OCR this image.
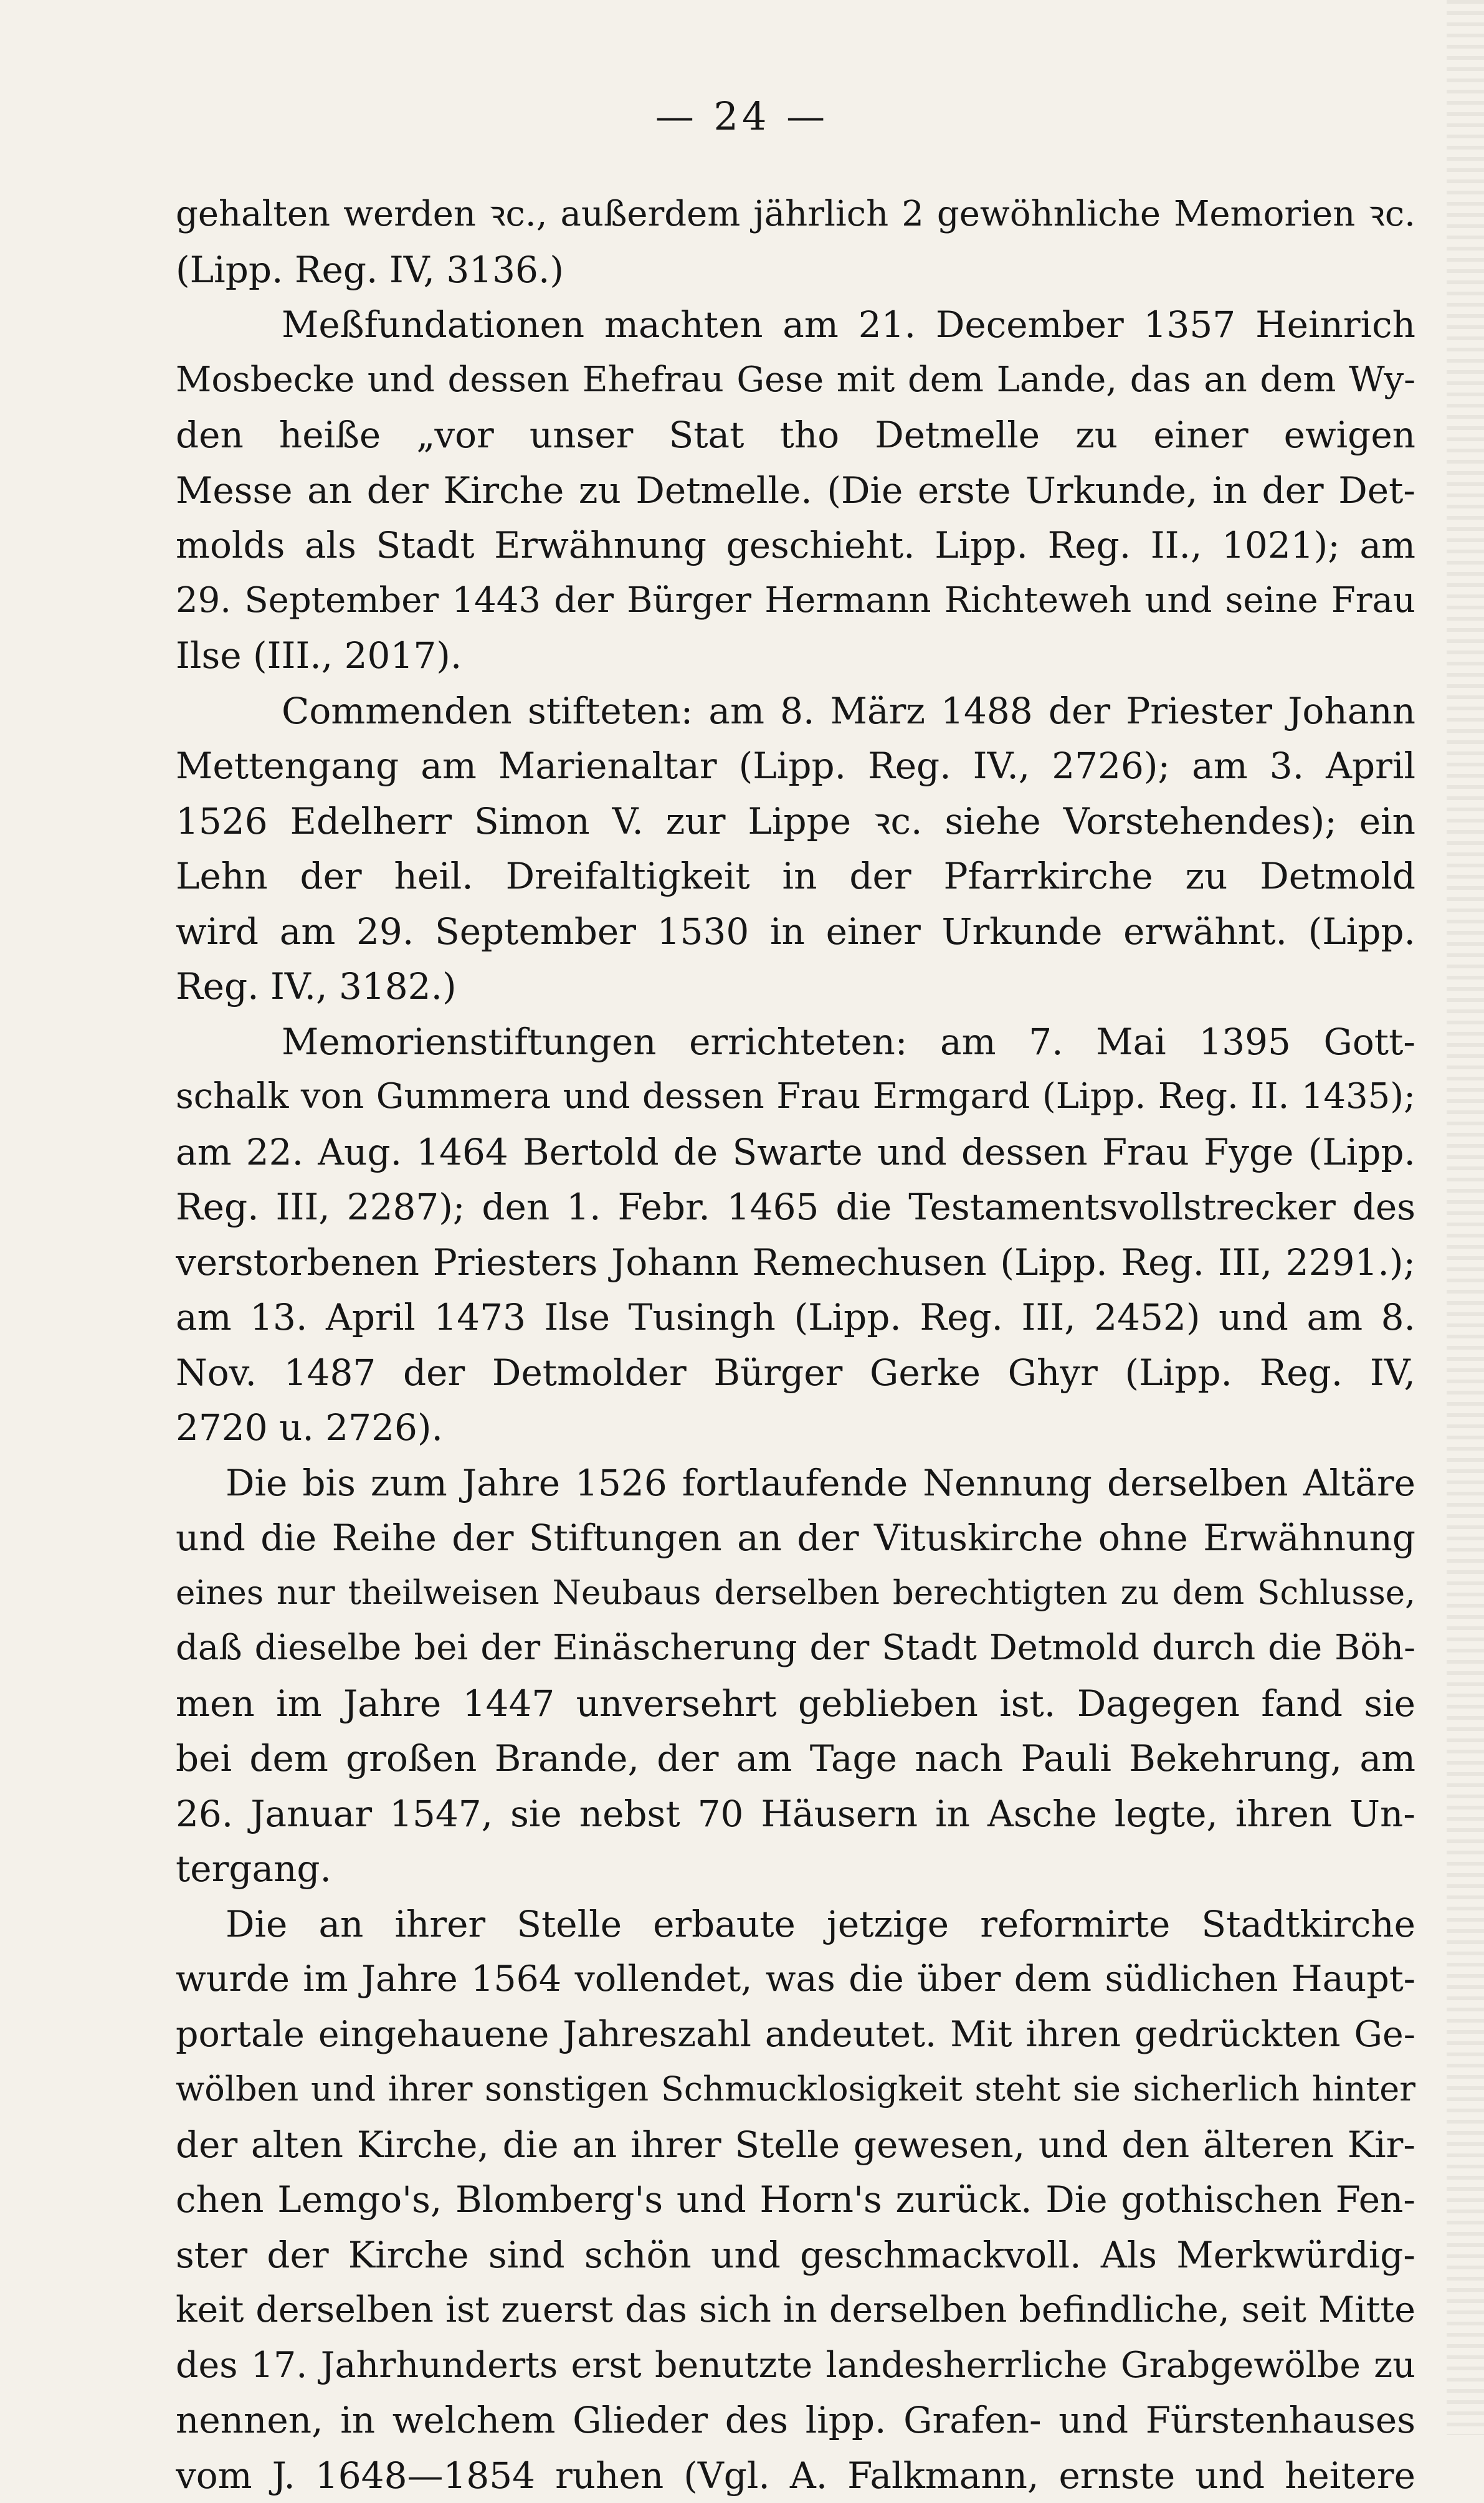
— 24 —
gehalten werden ꝛc., außerdem jährlich 2 gewöhnliche Memorien ꝛc.
(Lipp. Reg. IV, 3136.)
Meßfundationen machten am 21. December 1357 Heinrich
Mosbecke und dessen Ehefrau Gese mit dem Lande, das an dem Wy-
den heiße „vor unser Stat tho Detmelle zu einer ewigen
Messe an der Kirche zu Detmelle. (Die erste Urkunde, in der Det-
molds als Stadt Erwähnung geschieht. Lipp. Reg. II., 1021); am
29. September 1443 der Bürger Hermann Richteweh und seine Frau
Ilse (III., 2017).
Commenden stifteten: am 8. März 1488 der Priester Johann
Mettengang am Marienaltar (Lipp. Reg. IV., 2726); am 3. April
1526 Edelherr Simon V. zur Lippe ꝛc. siehe Vorstehendes); ein
Lehn der heil. Dreifaltigkeit in der Pfarrkirche zu Detmold
wird am 29. September 1530 in einer Urkunde erwähnt. (Lipp.
Reg. IV., 3182.)
Memorienstiftungen errichteten: am 7. Mai 1395 Gott-
schalk von Gummera und dessen Frau Ermgard (Lipp. Reg. II. 1435);
am 22. Aug. 1464 Bertold de Swarte und dessen Frau Fyge (Lipp.
Reg. III, 2287); den 1. Febr. 1465 die Testamentsvollstrecker des
verstorbenen Priesters Johann Remechusen (Lipp. Reg. III, 2291.);
am 13. April 1473 Ilse Tusingh (Lipp. Reg. III, 2452) und am 8.
Nov. 1487 der Detmolder Bürger Gerke Ghyr (Lipp. Reg. IV,
2720 u. 2726).
Die bis zum Jahre 1526 fortlaufende Nennung derselben Altäre
und die Reihe der Stiftungen an der Vituskirche ohne Erwähnung
eines nur theilweisen Neubaus derselben berechtigten zu dem Schlusse,
daß dieselbe bei der Einäscherung der Stadt Detmold durch die Böh-
men im Jahre 1447 unversehrt geblieben ist. Dagegen fand sie
bei dem großen Brande, der am Tage nach Pauli Bekehrung, am
26. Januar 1547, sie nebst 70 Häusern in Asche legte, ihren Un-
tergang.
Die an ihrer Stelle erbaute jetzige reformirte Stadtkirche
wurde im Jahre 1564 vollendet, was die über dem südlichen Haupt-
portale eingehauene Jahreszahl andeutet. Mit ihren gedrückten Ge-
wölben und ihrer sonstigen Schmucklosigkeit steht sie sicherlich hinter
der alten Kirche, die an ihrer Stelle gewesen, und den älteren Kir-
chen Lemgo's, Blomberg's und Horn's zurück. Die gothischen Fen-
ster der Kirche sind schön und geschmackvoll. Als Merkwürdig-
keit derselben ist zuerst das sich in derselben befindliche, seit Mitte
des 17. Jahrhunderts erst benutzte landesherrliche Grabgewölbe zu
nennen, in welchem Glieder des lipp. Grafen- und Fürstenhauses
vom J. 1648—1854 ruhen (Vgl. A. Falkmann, ernste und heitere
